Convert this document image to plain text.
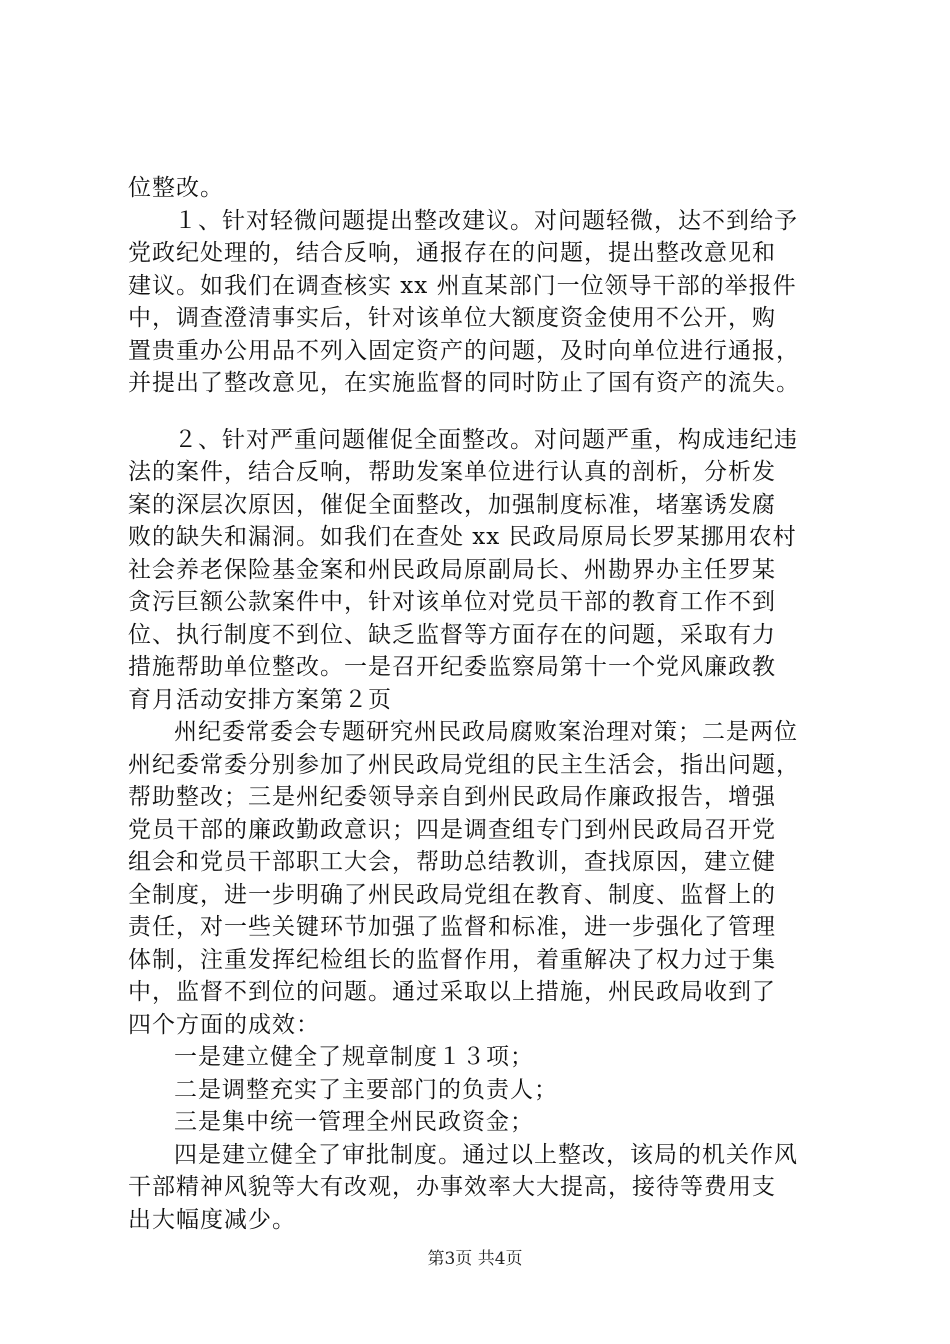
位整改。
１、针对轻微问题提出整改建议。对问题轻微，达不到给予
党政纪处理的，结合反响，通报存在的问题，提出整改意见和
建议。如我们在调查核实 xx 州直某部门一位领导干部的举报件
中，调查澄清事实后，针对该单位大额度资金使用不公开，购
置贵重办公用品不列入固定资产的问题，及时向单位进行通报，
并提出了整改意见，在实施监督的同时防止了国有资产的流失。
２、针对严重问题催促全面整改。对问题严重，构成违纪违
法的案件，结合反响，帮助发案单位进行认真的剖析，分析发
案的深层次原因，催促全面整改，加强制度标准，堵塞诱发腐
败的缺失和漏洞。如我们在查处 xx 民政局原局长罗某挪用农村
社会养老保险基金案和州民政局原副局长、州勘界办主任罗某
贪污巨额公款案件中，针对该单位对党员干部的教育工作不到
位、执行制度不到位、缺乏监督等方面存在的问题，采取有力
措施帮助单位整改。一是召开纪委监察局第十一个党风廉政教
育月活动安排方案第２页
州纪委常委会专题研究州民政局腐败案治理对策；二是两位
州纪委常委分别参加了州民政局党组的民主生活会，指出问题，
帮助整改；三是州纪委领导亲自到州民政局作廉政报告，增强
党员干部的廉政勤政意识；四是调查组专门到州民政局召开党
组会和党员干部职工大会，帮助总结教训，查找原因，建立健
全制度，进一步明确了州民政局党组在教育、制度、监督上的
责任，对一些关键环节加强了监督和标准，进一步强化了管理
体制，注重发挥纪检组长的监督作用，着重解决了权力过于集
中，监督不到位的问题。通过采取以上措施，州民政局收到了
四个方面的成效：
一是建立健全了规章制度１３项；
二是调整充实了主要部门的负责人；
三是集中统一管理全州民政资金；
四是建立健全了审批制度。通过以上整改，该局的机关作风
干部精神风貌等大有改观，办事效率大大提高，接待等费用支
出大幅度减少。
第3页 共4页
